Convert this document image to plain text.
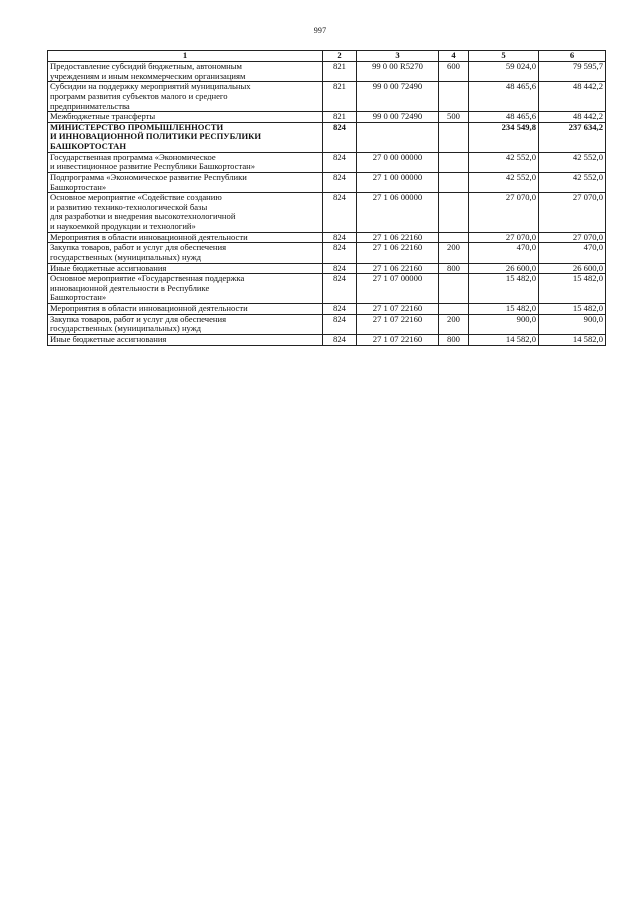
997
1	2	3	4	5	6
Предоставление субсидий бюджетным, автономным
учреждениям и иным некоммерческим организациям	821	99 0 00 R5270	600	59 024,0	79 595,7
Субсидии на поддержку мероприятий муниципальных
программ развития субъектов малого и среднего
предпринимательства	821	99 0 00 72490		48 465,6	48 442,2
Межбюджетные трансферты	821	99 0 00 72490	500	48 465,6	48 442,2
МИНИСТЕРСТВО ПРОМЫШЛЕННОСТИ
И ИННОВАЦИОННОЙ ПОЛИТИКИ РЕСПУБЛИКИ
БАШКОРТОСТАН	824			234 549,8	237 634,2
Государственная программа «Экономическое
и инвестиционное развитие Республики Башкортостан»	824	27 0 00 00000		42 552,0	42 552,0
Подпрограмма «Экономическое развитие Республики
Башкортостан»	824	27 1 00 00000		42 552,0	42 552,0
Основное мероприятие «Содействие созданию
и развитию технико-технологической базы
для разработки и внедрения высокотехнологичной
и наукоемкой продукции и технологий»	824	27 1 06 00000		27 070,0	27 070,0
Мероприятия в области инновационной деятельности	824	27 1 06 22160		27 070,0	27 070,0
Закупка товаров, работ и услуг для обеспечения
государственных (муниципальных) нужд	824	27 1 06 22160	200	470,0	470,0
Иные бюджетные ассигнования	824	27 1 06 22160	800	26 600,0	26 600,0
Основное мероприятие «Государственная поддержка
инновационной деятельности в Республике
Башкортостан»	824	27 1 07 00000		15 482,0	15 482,0
Мероприятия в области инновационной деятельности	824	27 1 07 22160		15 482,0	15 482,0
Закупка товаров, работ и услуг для обеспечения
государственных (муниципальных) нужд	824	27 1 07 22160	200	900,0	900,0
Иные бюджетные ассигнования	824	27 1 07 22160	800	14 582,0	14 582,0
